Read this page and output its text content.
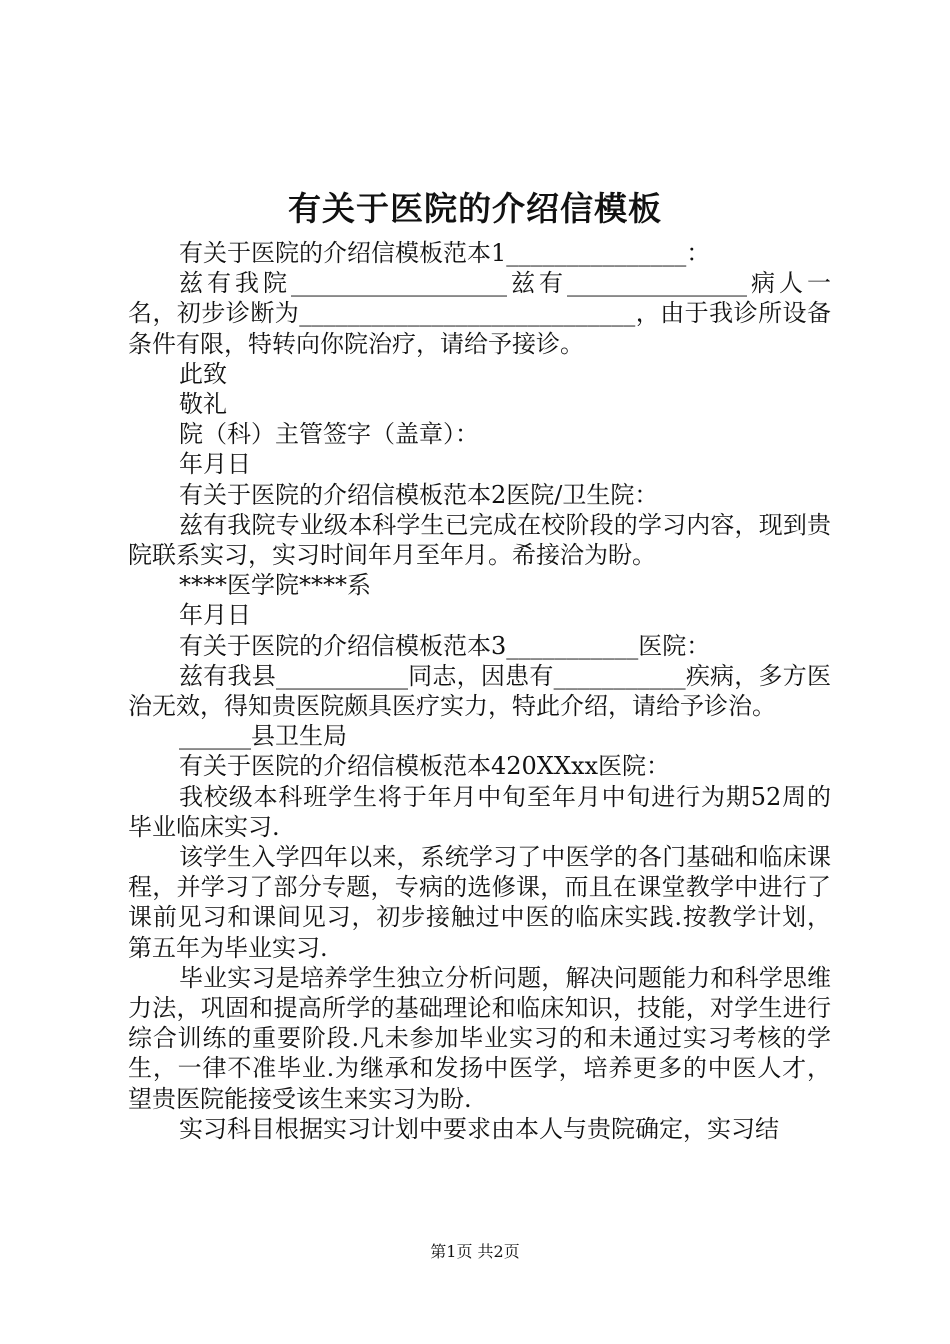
有关于医院的介绍信模板

有关于医院的介绍信模板范本1_______________：

兹有我院__________________兹有_______________病人一名，初步诊断为____________________________，由于我诊所设备条件有限，特转向你院治疗，请给予接诊。

此致

敬礼

院（科）主管签字（盖章）：

年月日

有关于医院的介绍信模板范本2医院/卫生院：

兹有我院专业级本科学生已完成在校阶段的学习内容，现到贵院联系实习，实习时间年月至年月。希接洽为盼。

****医学院****系

年月日

有关于医院的介绍信模板范本3___________医院：

兹有我县___________同志，因患有___________疾病，多方医治无效，得知贵医院颇具医疗实力，特此介绍，请给予诊治。

______县卫生局

有关于医院的介绍信模板范本420XXxx医院：

我校级本科班学生将于年月中旬至年月中旬进行为期52周的毕业临床实习.

该学生入学四年以来，系统学习了中医学的各门基础和临床课程，并学习了部分专题，专病的选修课，而且在课堂教学中进行了课前见习和课间见习，初步接触过中医的临床实践.按教学计划，第五年为毕业实习.

毕业实习是培养学生独立分析问题，解决问题能力和科学思维力法，巩固和提高所学的基础理论和临床知识，技能，对学生进行综合训练的重要阶段.凡未参加毕业实习的和未通过实习考核的学生，一律不准毕业.为继承和发扬中医学，培养更多的中医人才，望贵医院能接受该生来实习为盼.

实习科目根据实习计划中要求由本人与贵院确定，实习结

第1页 共2页
